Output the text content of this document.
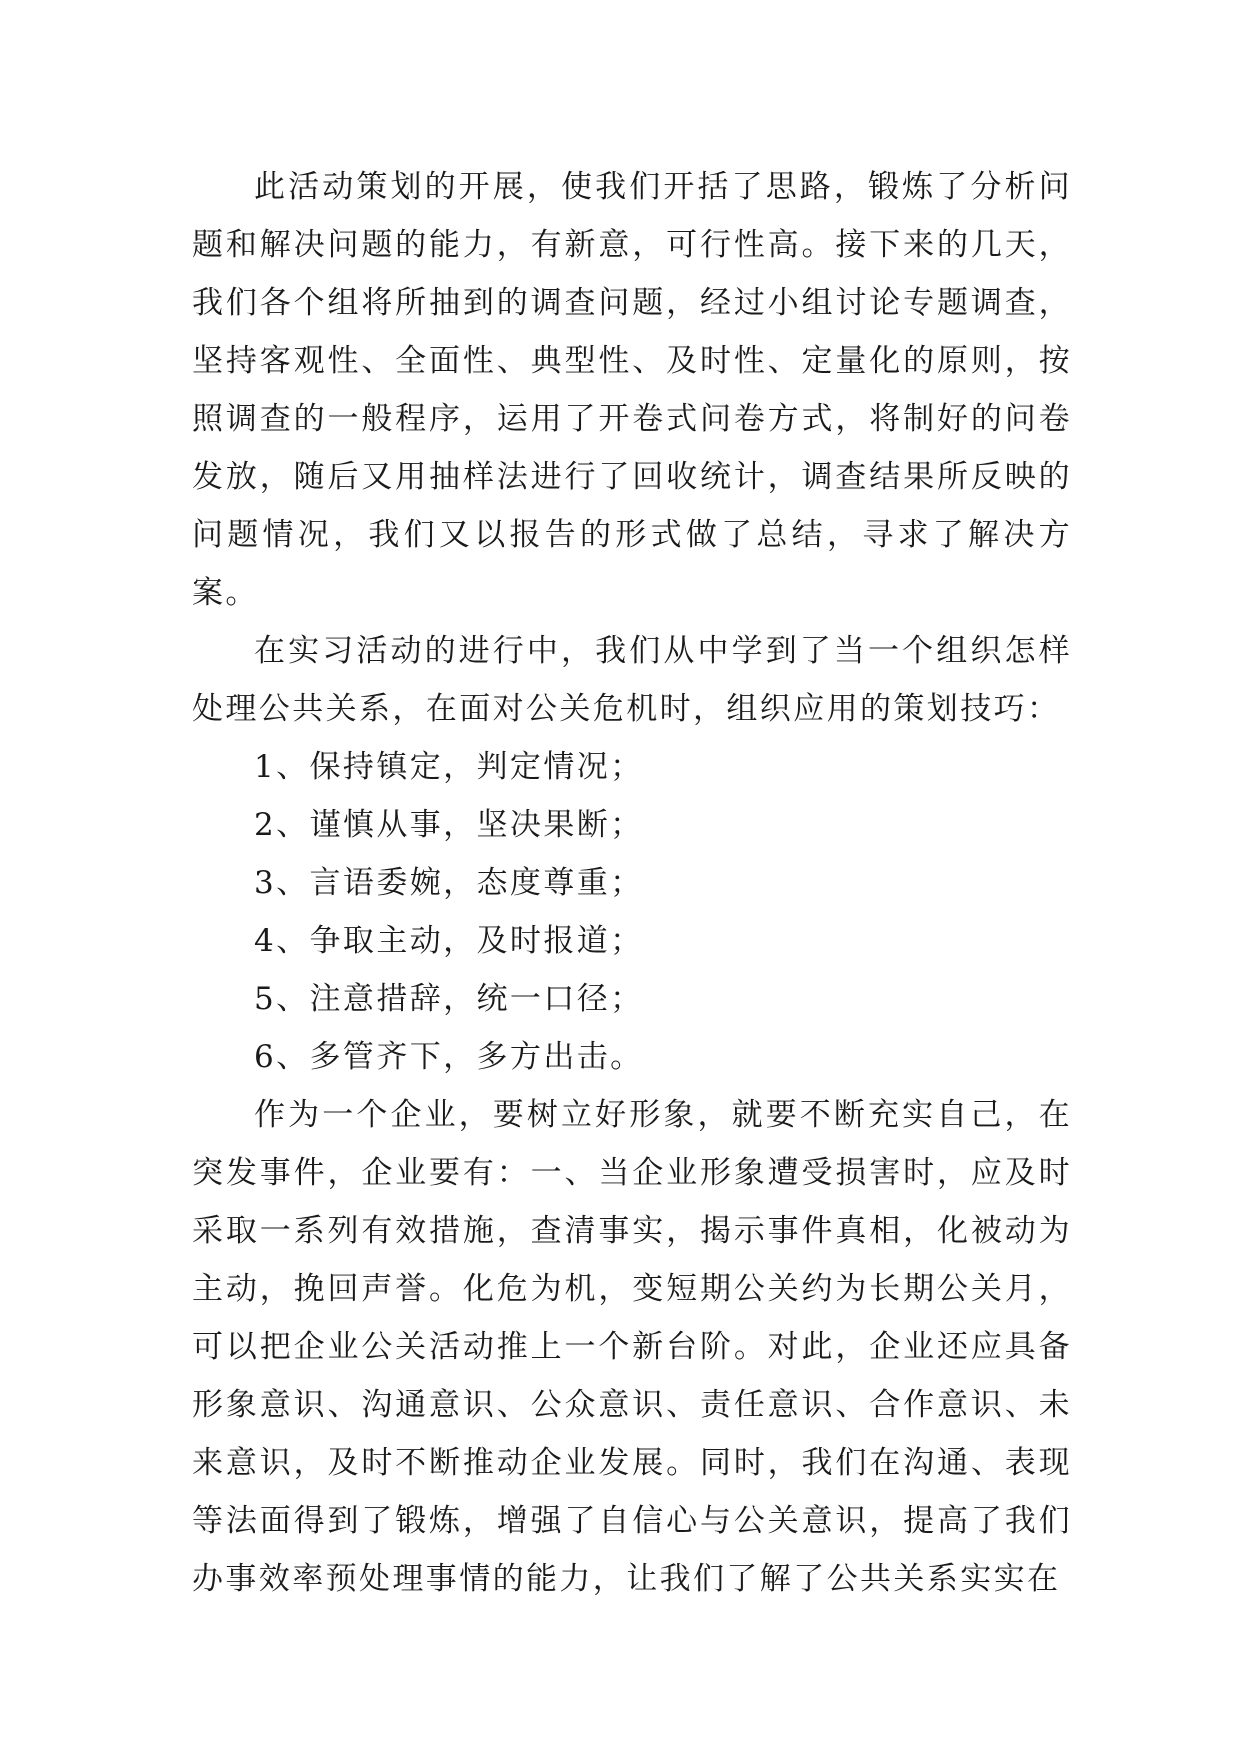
此活动策划的开展，使我们开括了思路，锻炼了分析问题和解决问题的能力，有新意，可行性高。接下来的几天，我们各个组将所抽到的调查问题，经过小组讨论专题调查，坚持客观性、全面性、典型性、及时性、定量化的原则，按照调查的一般程序，运用了开卷式问卷方式，将制好的问卷发放，随后又用抽样法进行了回收统计，调查结果所反映的问题情况，我们又以报告的形式做了总结，寻求了解决方案。

在实习活动的进行中，我们从中学到了当一个组织怎样处理公共关系，在面对公关危机时，组织应用的策划技巧：

1、保持镇定，判定情况；

2、谨慎从事，坚决果断；

3、言语委婉，态度尊重；

4、争取主动，及时报道；

5、注意措辞，统一口径；

6、多管齐下，多方出击。

作为一个企业，要树立好形象，就要不断充实自己，在突发事件，企业要有：一、当企业形象遭受损害时，应及时采取一系列有效措施，查清事实，揭示事件真相，化被动为主动，挽回声誉。化危为机，变短期公关约为长期公关月，可以把企业公关活动推上一个新台阶。对此，企业还应具备形象意识、沟通意识、公众意识、责任意识、合作意识、未来意识，及时不断推动企业发展。同时，我们在沟通、表现等法面得到了锻炼，增强了自信心与公关意识，提高了我们办事效率预处理事情的能力，让我们了解了公共关系实实在
